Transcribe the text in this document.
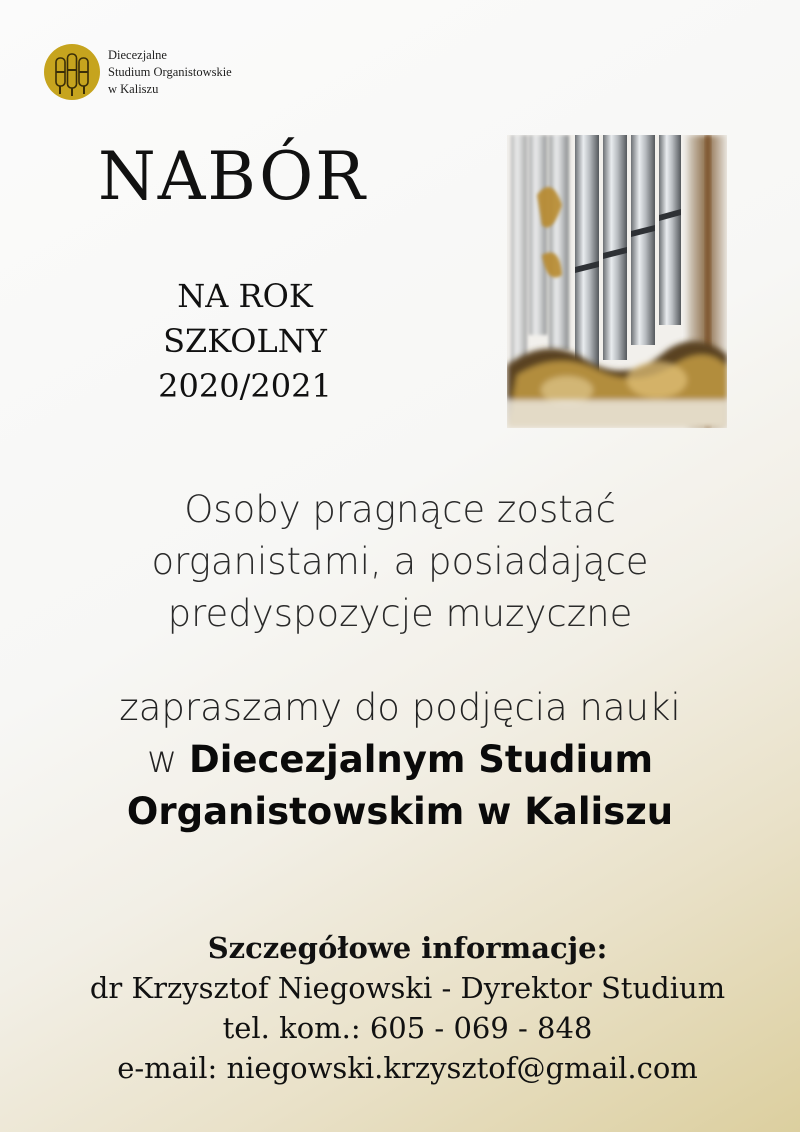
Diecezjalne
Studium Organistowskie
w Kaliszu
NABÓR
NA ROK
SZKOLNY
2020/2021
Osoby pragnące zostać
organistami, a posiadające
predyspozycje muzyczne
zapraszamy do podjęcia nauki
w Diecezjalnym Studium
Organistowskim w Kaliszu
Szczegółowe informacje:
dr Krzysztof Niegowski - Dyrektor Studium
tel. kom.: 605 - 069 - 848
e-mail: niegowski.krzysztof@gmail.com
